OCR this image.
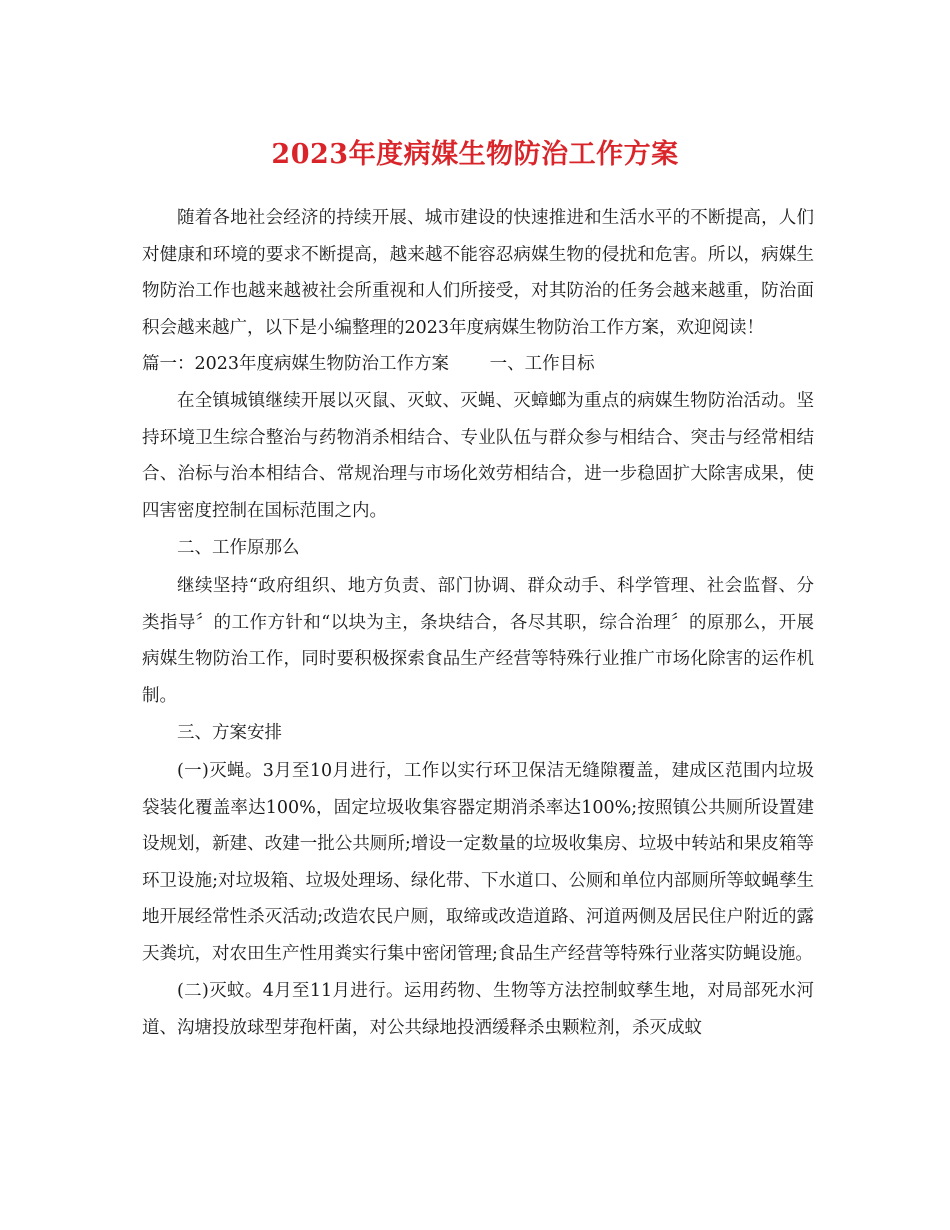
2023年度病媒生物防治工作方案

随着各地社会经济的持续开展、城市建设的快速推进和生活水平的不断提高，人们对健康和环境的要求不断提高，越来越不能容忍病媒生物的侵扰和危害。所以，病媒生物防治工作也越来越被社会所重视和人们所接受，对其防治的任务会越来越重，防治面积会越来越广，以下是小编整理的2023年度病媒生物防治工作方案，欢迎阅读！

篇一：2023年度病媒生物防治工作方案　　 一、工作目标

在全镇城镇继续开展以灭鼠、灭蚊、灭蝇、灭蟑螂为重点的病媒生物防治活动。坚持环境卫生综合整治与药物消杀相结合、专业队伍与群众参与相结合、突击与经常相结合、治标与治本相结合、常规治理与市场化效劳相结合，进一步稳固扩大除害成果，使四害密度控制在国标范围之内。

二、工作原那么

继续坚持“政府组织、地方负责、部门协调、群众动手、科学管理、社会监督、分类指导〞的工作方针和“以块为主，条块结合，各尽其职，综合治理〞的原那么，开展病媒生物防治工作，同时要积极探索食品生产经营等特殊行业推广市场化除害的运作机制。

三、方案安排

(一)灭蝇。3月至10月进行，工作以实行环卫保洁无缝隙覆盖，建成区范围内垃圾袋装化覆盖率达100%，固定垃圾收集容器定期消杀率达100%;按照镇公共厕所设置建设规划，新建、改建一批公共厕所;增设一定数量的垃圾收集房、垃圾中转站和果皮箱等环卫设施;对垃圾箱、垃圾处理场、绿化带、下水道口、公厕和单位内部厕所等蚊蝇孳生地开展经常性杀灭活动;改造农民户厕，取缔或改造道路、河道两侧及居民住户附近的露天粪坑，对农田生产性用粪实行集中密闭管理;食品生产经营等特殊行业落实防蝇设施。

(二)灭蚊。4月至11月进行。运用药物、生物等方法控制蚊孳生地，对局部死水河道、沟塘投放球型芽孢杆菌，对公共绿地投洒缓释杀虫颗粒剂，杀灭成蚊
